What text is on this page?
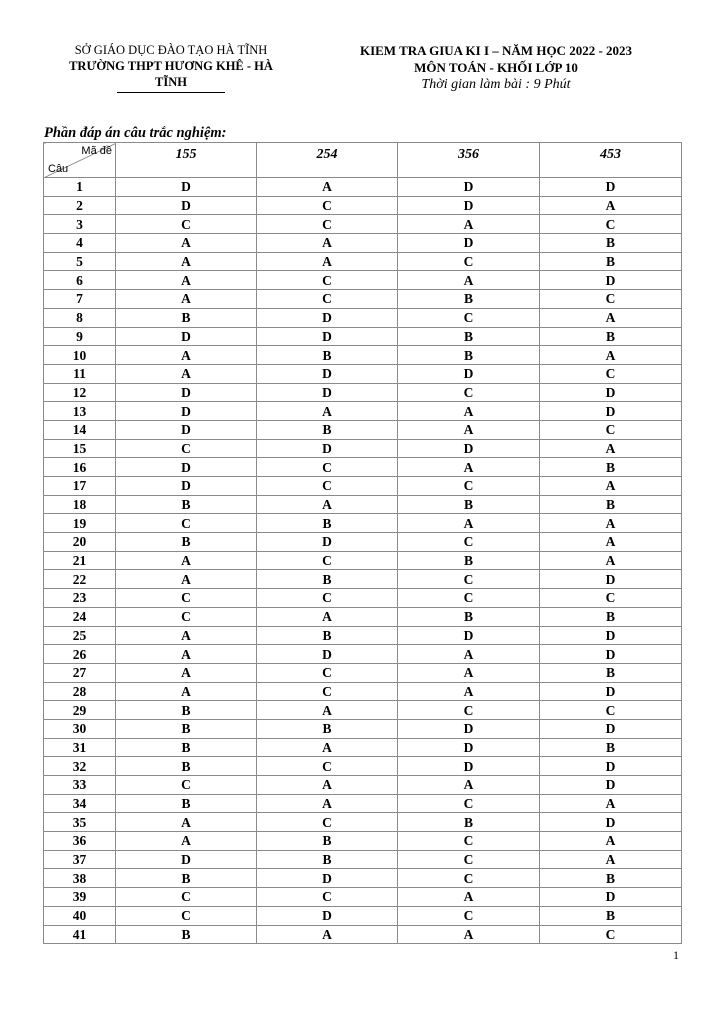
SỞ GIÁO DỤC ĐÀO TẠO HÀ TĨNH
TRƯỜNG THPT HƯƠNG KHÊ - HÀ
TĨNH
KIEM TRA GIUA KI I – NĂM HỌC 2022 - 2023
MÔN TOÁN - KHỐI LỚP 10
Thời gian làm bài : 9 Phút
Phần đáp án câu trắc nghiệm:
Mã đề
Câu	155	254	356	453
1	D	A	D	D
2	D	C	D	A
3	C	C	A	C
4	A	A	D	B
5	A	A	C	B
6	A	C	A	D
7	A	C	B	C
8	B	D	C	A
9	D	D	B	B
10	A	B	B	A
11	A	D	D	C
12	D	D	C	D
13	D	A	A	D
14	D	B	A	C
15	C	D	D	A
16	D	C	A	B
17	D	C	C	A
18	B	A	B	B
19	C	B	A	A
20	B	D	C	A
21	A	C	B	A
22	A	B	C	D
23	C	C	C	C
24	C	A	B	B
25	A	B	D	D
26	A	D	A	D
27	A	C	A	B
28	A	C	A	D
29	B	A	C	C
30	B	B	D	D
31	B	A	D	B
32	B	C	D	D
33	C	A	A	D
34	B	A	C	A
35	A	C	B	D
36	A	B	C	A
37	D	B	C	A
38	B	D	C	B
39	C	C	A	D
40	C	D	C	B
41	B	A	A	C
1
